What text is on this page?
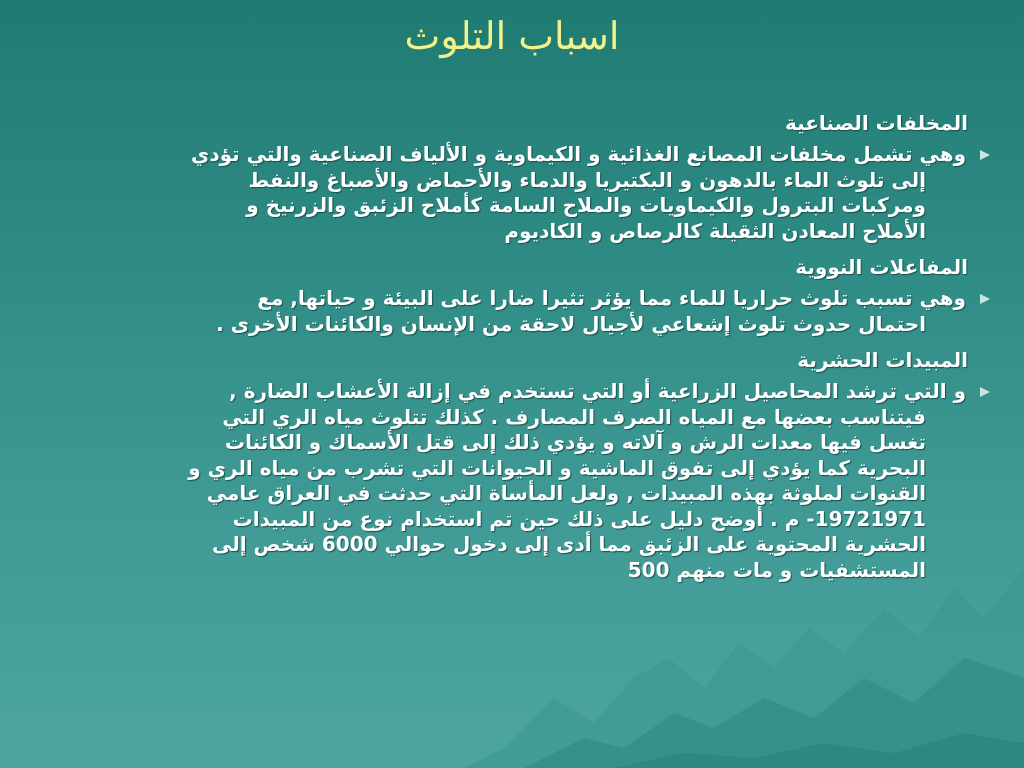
اسباب التلوث
المخلفات الصناعية
وهي تشمل مخلفات المصانع الغذائية و الكيماوية و الألياف الصناعية والتي تؤدي
إلى تلوث الماء بالدهون و البكتيريا والدماء والأحماض والأصباغ والنفط
ومركبات البترول والكيماويات والملاح السامة كأملاح الزئبق والزرنيخ و
الأملاح المعادن الثقيلة كالرصاص و الكاديوم
المفاعلات النووية
وهي تسبب تلوث حراريا للماء مما يؤثر تثيرا ضارا على البيئة و حياتها, مع
احتمال حدوث تلوث إشعاعي لأجيال لاحقة من الإنسان والكائنات الأخرى .
المبيدات الحشرية
و التي ترشد المحاصيل الزراعية أو التي تستخدم في إزالة الأعشاب الضارة ,
فيتناسب بعضها مع المياه الصرف المصارف . كذلك تتلوث مياه الري التي
تغسل فيها معدات الرش و آلاته و يؤدي ذلك إلى قتل الأسماك و الكائنات
البحرية كما يؤدي إلى تفوق الماشية و الحيوانات التي تشرب من مياه الري و
القنوات لملوثة بهذه المبيدات , ولعل المأساة التي حدثت في العراق عامي
19721971- م . أوضح دليل على ذلك حين تم استخدام نوع من المبيدات
الحشرية المحتوية على الزئبق مما أدى إلى دخول حوالي 6000 شخص إلى
المستشفيات و مات منهم 500
